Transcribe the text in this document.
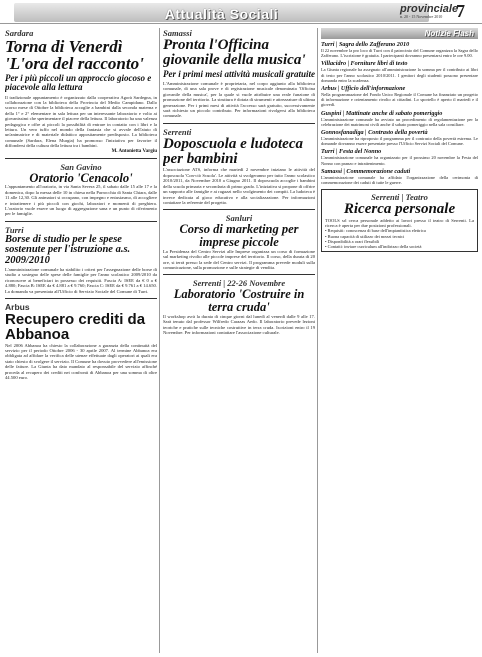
Attualità Sociali	provinciale
n. 20 - 15 Novembre 2010 7
Sardara
Torna di Venerdì 'L'ora del racconto'
Per i più piccoli un approccio giocoso e piacevole alla lettura
Il tradizionale appuntamento è organizzato dalla cooperativa Agorà Sardegna, in collaborazione con la biblioteca della Provincia del Medio Campidano. Dallo scorso mese di Ottobre la biblioteca accoglie a bambini dalla seconda materna e della 1° e 2° elementare in sala lettura per un interessante laboratorio e volto ai giovanissimi che sperimentare il piacere della lettura. Il laboratorio ha una valenza pedagogica e offre ai piccoli la possibilità di entrare in contatto con i libri e la lettura. Un vero tuffo nel mondo della fantasia che si avvale dell'aiuto di un'animatrice e di materiale didattico appositamente predisposto. La biblioteca comunale (Sardara, Elena Murgia) ha promosso l'iniziativa per favorire il diffondersi della cultura della lettura tra i bambini.
M. Antonietta Vargiu
San Gavino
Oratorio 'Cenacolo'
L'appuntamento all'oratorio, in via Santa Severa 25, il sabato dalle 15 alle 17 e la domenica, dopo la messa delle 10 in chiesa nella Parrocchia di Santa Chiara, dalle 11 alle 12,30. Gli animatori si occupano, con impegno e entusiasmo, di accogliere e intrattenere i più piccoli con giochi, laboratori e momenti di preghiera. L'oratorio vuole essere un luogo di aggregazione sana e un punto di riferimento per le famiglie.
Turri
Borse di studio per le spese sostenute per l'istruzione a.s. 2009/2010
L'amministrazione comunale ha stabilito i criteri per l'assegnazione delle borse di studio a sostegno delle spese delle famiglie per l'anno scolastico 2009/2010 da riconoscere ai beneficiari in possesso dei requisiti. Fascia A: ISEE da € 0 a € 4.880; Fascia B: ISEE da € 4.881 a € 9.760; Fascia C: ISEE da € 9.761 a € 14.650. La domanda va presentata all'Ufficio di Servizio Sociale del Comune di Turri.
Arbus
Recupero crediti da Abbanoa
Nel 2006 Abbanoa ha chiesto la collaborazione a garanzia della continuità del servizio per il periodo Ottobre 2006 - 30 aprile 2007. Al termine Abbanoa era obbligata ad affidare la verifica delle utenze effettuate dagli operatori ai quali era stato chiesto di svolgere il servizio. Il Comune ha dovuto provvedere all'emissione delle fatture. La Giunta ha dato mandato al responsabile del servizio affinché proceda al recupero dei crediti nei confronti di Abbanoa per una somma di oltre 44.500 euro.
Samassi
Pronta l'Officina giovanile della musica'
Per i primi mesi attività musicali gratuite
L'Amministrazione comunale è proprietaria, nel corpo aggiunto alla biblioteca comunale, di una sala prove e di registrazione musicale denominata 'Officina giovanile della musica', per la quale si vuole attribuire una reale funzione di promozione del territorio. La struttura è dotata di strumenti e attrezzature di ultima generazione. Per i primi mesi di attività l'accesso sarà gratuito, successivamente sarà richiesto un piccolo contributo. Per informazioni rivolgersi alla biblioteca comunale.
Serrenti
Doposcuola e ludoteca per bambini
L'associazione ATS, informa che martedì 2 novembre iniziano le attività del doposcuola 'Con-ciò Scuola'. Le attività si svolgeranno per tutto l'anno scolastico 2010/2011, da Novembre 2010 a Giugno 2011. Il doposcuola accoglie i bambini della scuola primaria e secondaria di primo grado. L'iniziativa si propone di offrire un supporto alle famiglie e ai ragazzi nello svolgimento dei compiti. La ludoteca è invece dedicata al gioco educativo e alla socializzazione. Per informazioni contattare la referente del progetto.
Sanluri
Corso di marketing per imprese piccole
La Presidenza del Centro Servizi alle Imprese organizza un corso di formazione sul marketing rivolto alle piccole imprese del territorio. Il corso, della durata di 20 ore, si terrà presso la sede del Centro servizi. Il programma prevede moduli sulla comunicazione, sulla promozione e sulle strategie di vendita.
Serrenti | 22-26 Novembre
Laboratorio 'Costruire in terra cruda'
Il workshop avrà la durata di cinque giorni dal lunedì al venerdì dalle 9 alle 17. Sarà tenuto dal professor Wilfredo Carazas Aedo. Il laboratorio prevede lezioni teoriche e pratiche sulle tecniche costruttive in terra cruda. Iscrizioni entro il 19 Novembre. Per informazioni contattare l'associazione culturale.
Notizie Flash
Turri | Sagra dello Zafferano 2010
Il 22 novembre la pro loco di Turri con il patrocinio del Comune organizza la Sagra dello Zafferano. L'iscrizione è gratuita. I partecipanti dovranno presentarsi entro le ore 9.00.
Villacidro | Forniture libri di testo
La Giunta regionale ha assegnato all'amministrazione la somma per il contributo ai libri di testo per l'anno scolastico 2010/2011. I genitori degli studenti possono presentare domanda entro la scadenza.
Arbus | Ufficio dell'informazione
Nella programmazione del Fondo Unico Regionale il Comune ha finanziato un progetto di informazione e orientamento rivolto ai cittadini. Lo sportello è aperto il martedì e il giovedì.
Guspini | Mattinate anche di sabato pomeriggio
L'amministrazione comunale ha avviato un procedimento di regolamentazione per la celebrazione dei matrimoni civili anche il sabato pomeriggio nella sala consiliare.
Gonnosfanadiga | Contrasto della povertà
L'amministrazione ha riproposto il programma per il contrasto della povertà estrema. Le domande dovranno essere presentate presso l'Ufficio Servizi Sociali del Comune.
Turri | Festa del Nonno
L'amministrazione comunale ha organizzato per il prossimo 20 novembre la Festa del Nonno con pranzo e intrattenimento.
Samassi | Commemorazione caduti
L'amministrazione comunale ha affidato l'organizzazione della cerimonia di commemorazione dei caduti di tutte le guerre.
Serrenti | Teatro
Ricerca personale
TOOLS srl cerca personale addetto ai lavori presso il teatro di Serrenti. La ricerca è aperta per due posizioni professionali.
• Requisiti: conoscenza di base dell'impiantistica elettrica
• Buona capacità di utilizzo dei mezzi tecnici
• Disponibilità a orari flessibili
• Contatti: inviare curriculum all'indirizzo della società
